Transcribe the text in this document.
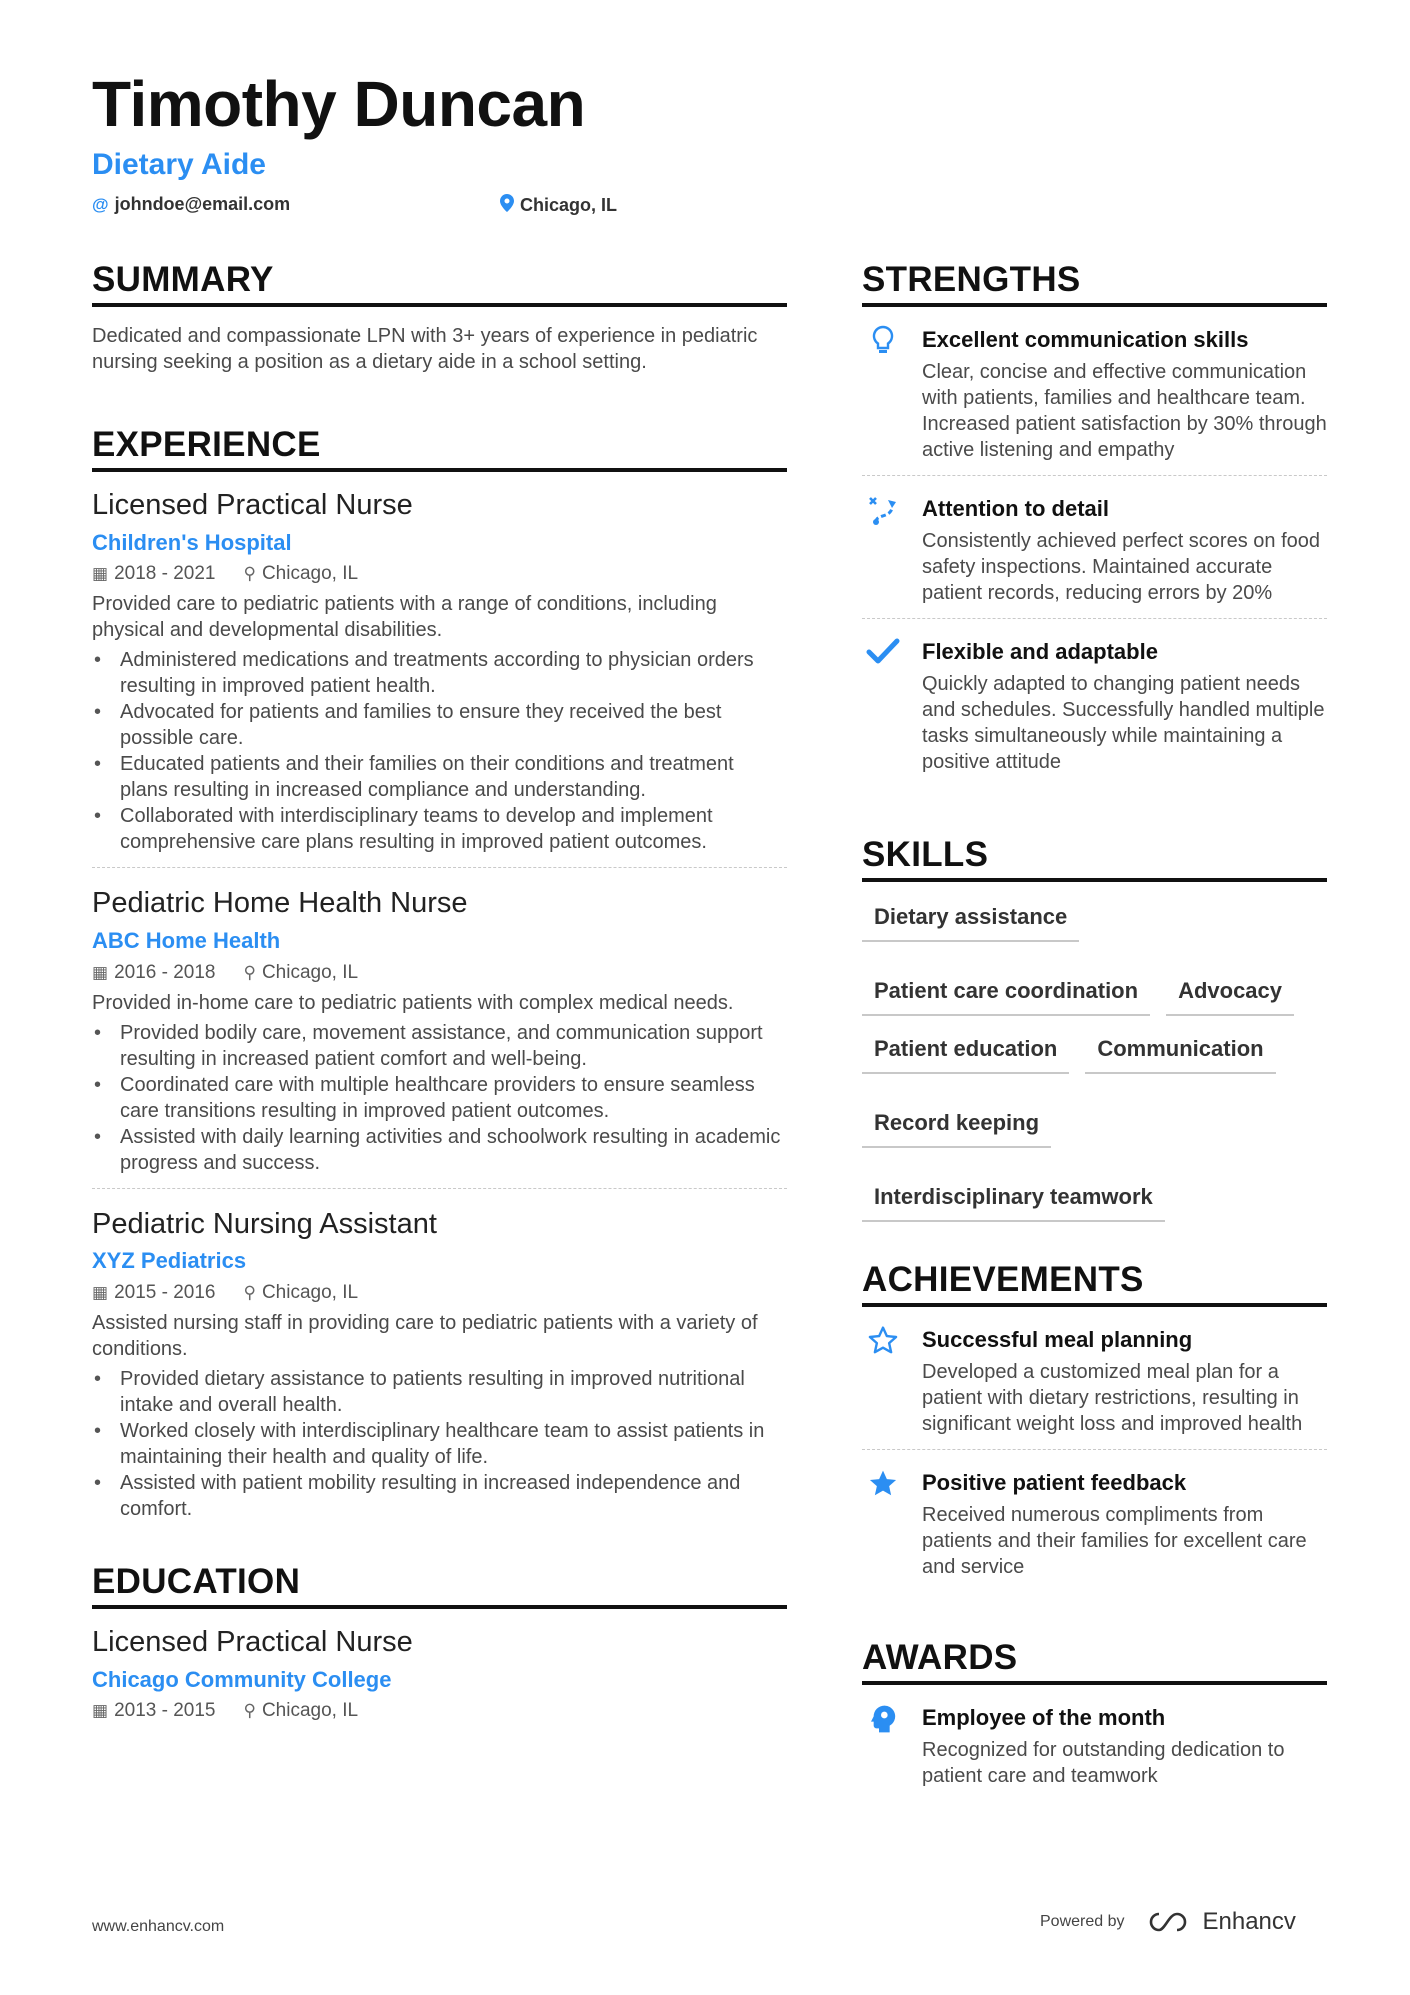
Timothy Duncan
Dietary Aide
@ johndoe@email.com	Chicago, IL
SUMMARY
Dedicated and compassionate LPN with 3+ years of experience in pediatric nursing seeking a position as a dietary aide in a school setting.
EXPERIENCE
Licensed Practical Nurse
Children's Hospital
▦ 2018 - 2021 ⚲ Chicago, IL
Provided care to pediatric patients with a range of conditions, including physical and developmental disabilities.
• Administered medications and treatments according to physician orders resulting in improved patient health.
• Advocated for patients and families to ensure they received the best possible care.
• Educated patients and their families on their conditions and treatment plans resulting in increased compliance and understanding.
• Collaborated with interdisciplinary teams to develop and implement comprehensive care plans resulting in improved patient outcomes.
Pediatric Home Health Nurse
ABC Home Health
▦ 2016 - 2018 ⚲ Chicago, IL
Provided in-home care to pediatric patients with complex medical needs.
• Provided bodily care, movement assistance, and communication support resulting in increased patient comfort and well-being.
• Coordinated care with multiple healthcare providers to ensure seamless care transitions resulting in improved patient outcomes.
• Assisted with daily learning activities and schoolwork resulting in academic progress and success.
Pediatric Nursing Assistant
XYZ Pediatrics
▦ 2015 - 2016 ⚲ Chicago, IL
Assisted nursing staff in providing care to pediatric patients with a variety of conditions.
• Provided dietary assistance to patients resulting in improved nutritional intake and overall health.
• Worked closely with interdisciplinary healthcare team to assist patients in maintaining their health and quality of life.
• Assisted with patient mobility resulting in increased independence and comfort.
EDUCATION
Licensed Practical Nurse
Chicago Community College
▦ 2013 - 2015 ⚲ Chicago, IL
STRENGTHS
Excellent communication skills
Clear, concise and effective communication with patients, families and healthcare team. Increased patient satisfaction by 30% through active listening and empathy
Attention to detail
Consistently achieved perfect scores on food safety inspections. Maintained accurate patient records, reducing errors by 20%
Flexible and adaptable
Quickly adapted to changing patient needs and schedules. Successfully handled multiple tasks simultaneously while maintaining a positive attitude
SKILLS
Dietary assistance
Patient care coordination	Advocacy
Patient education	Communication
Record keeping
Interdisciplinary teamwork
ACHIEVEMENTS
Successful meal planning
Developed a customized meal plan for a patient with dietary restrictions, resulting in significant weight loss and improved health
Positive patient feedback
Received numerous compliments from patients and their families for excellent care and service
AWARDS
Employee of the month
Recognized for outstanding dedication to patient care and teamwork
www.enhancv.com	Powered by	Enhancv
